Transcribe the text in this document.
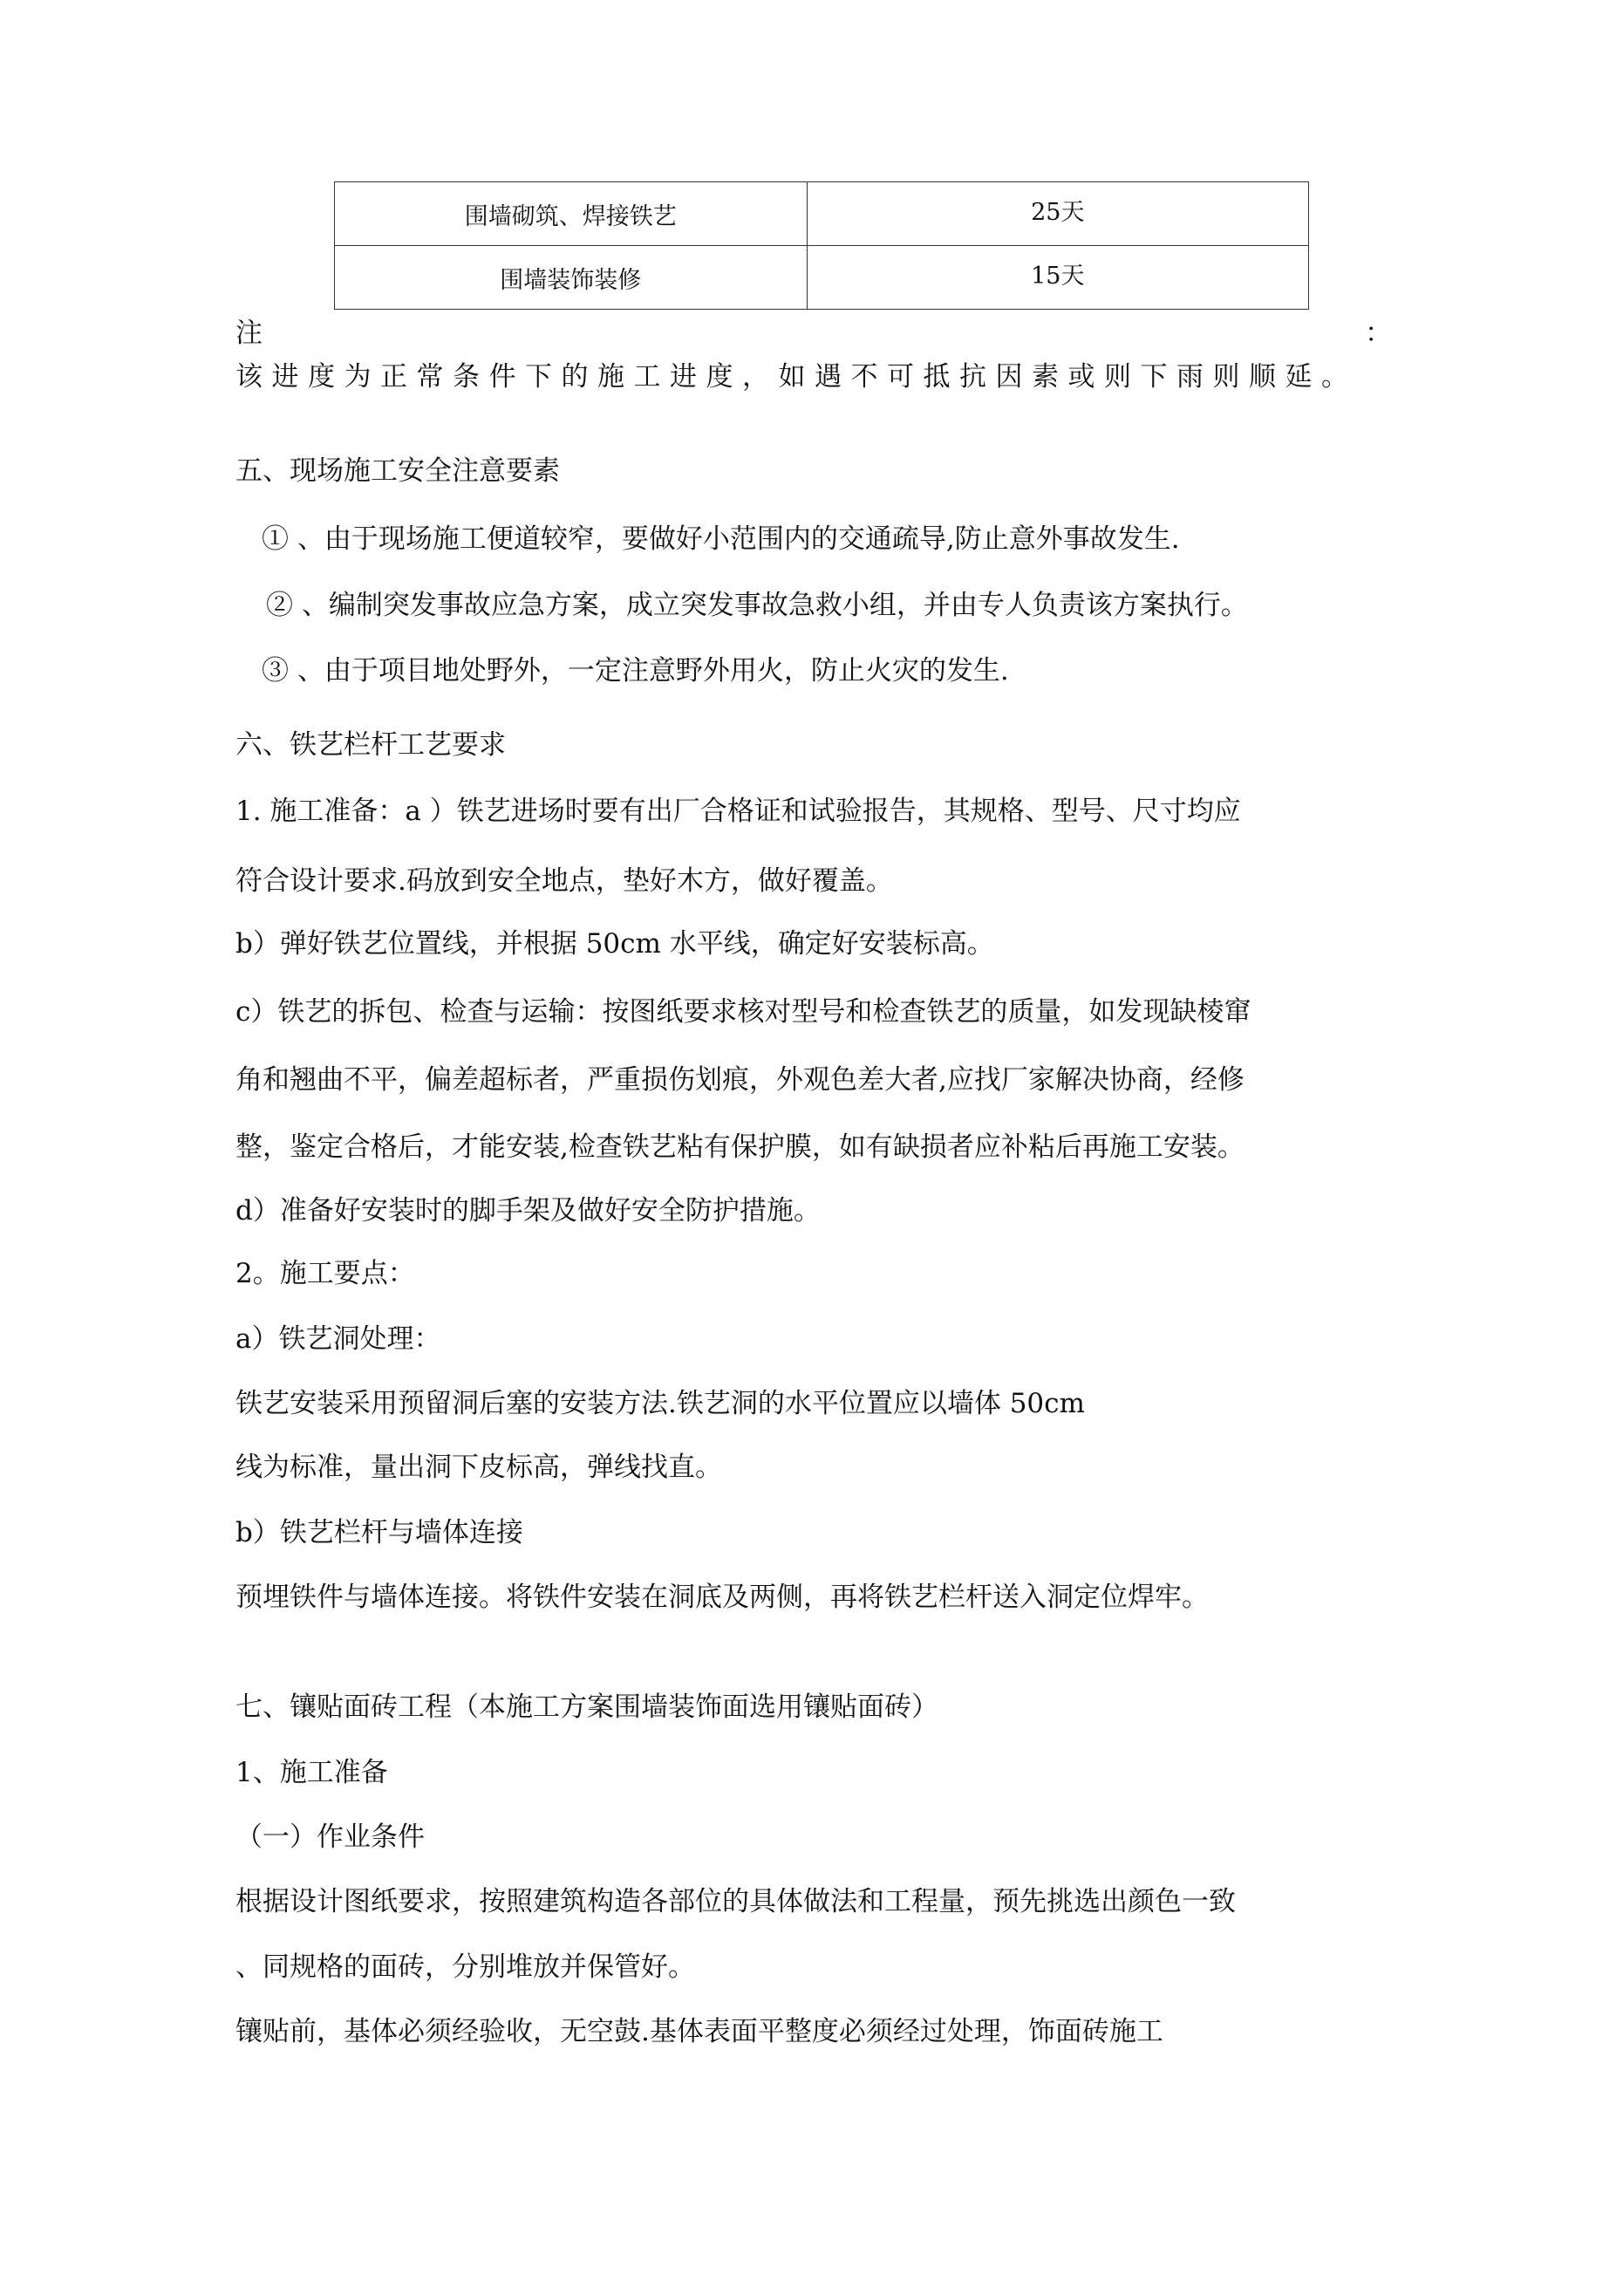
围墙砌筑、焊接铁艺	25天
围墙装饰装修	15天
注	：
该进度为正常条件下的施工进度，如遇不可抵抗因素或则下雨则顺延。
五、现场施工安全注意要素
① 、由于现场施工便道较窄，要做好小范围内的交通疏导,防止意外事故发生.
② 、编制突发事故应急方案，成立突发事故急救小组，并由专人负责该方案执行。
③ 、由于项目地处野外，一定注意野外用火，防止火灾的发生.
六、铁艺栏杆工艺要求
1. 施工准备：a ）铁艺进场时要有出厂合格证和试验报告，其规格、型号、尺寸均应
符合设计要求.码放到安全地点，垫好木方，做好覆盖。
b）弹好铁艺位置线，并根据 50cm 水平线，确定好安装标高。
c）铁艺的拆包、检查与运输：按图纸要求核对型号和检查铁艺的质量，如发现缺棱窜
角和翘曲不平，偏差超标者，严重损伤划痕，外观色差大者,应找厂家解决协商，经修
整，鉴定合格后，才能安装,检查铁艺粘有保护膜，如有缺损者应补粘后再施工安装。
d）准备好安装时的脚手架及做好安全防护措施。
2。施工要点：
a）铁艺洞处理：
铁艺安装采用预留洞后塞的安装方法.铁艺洞的水平位置应以墙体 50cm
线为标准，量出洞下皮标高，弹线找直。
b）铁艺栏杆与墙体连接
预埋铁件与墙体连接。将铁件安装在洞底及两侧，再将铁艺栏杆送入洞定位焊牢。
七、镶贴面砖工程（本施工方案围墙装饰面选用镶贴面砖）
1、施工准备
（一）作业条件
根据设计图纸要求，按照建筑构造各部位的具体做法和工程量，预先挑选出颜色一致
、同规格的面砖，分别堆放并保管好。
镶贴前，基体必须经验收，无空鼓.基体表面平整度必须经过处理，饰面砖施工
